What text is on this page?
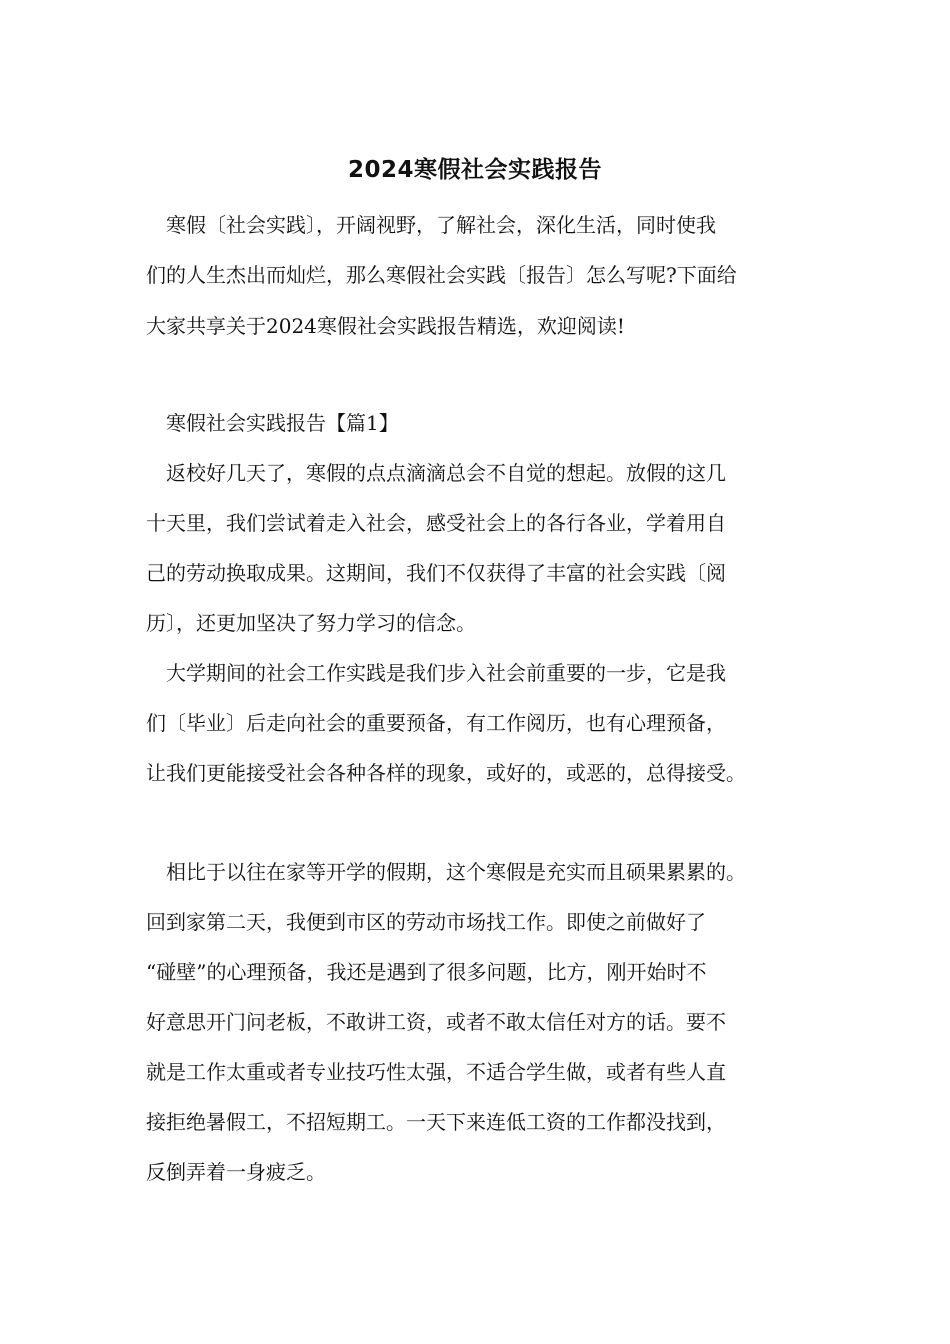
2024寒假社会实践报告

寒假〔社会实践〕，开阔视野，了解社会，深化生活，同时使我

们的人生杰出而灿烂，那么寒假社会实践〔报告〕怎么写呢?下面给

大家共享关于2024寒假社会实践报告精选，欢迎阅读!

寒假社会实践报告【篇1】

返校好几天了，寒假的点点滴滴总会不自觉的想起。放假的这几

十天里，我们尝试着走入社会，感受社会上的各行各业，学着用自

己的劳动换取成果。这期间，我们不仅获得了丰富的社会实践〔阅

历〕，还更加坚决了努力学习的信念。

大学期间的社会工作实践是我们步入社会前重要的一步，它是我

们〔毕业〕后走向社会的重要预备，有工作阅历，也有心理预备，

让我们更能接受社会各种各样的现象，或好的，或恶的，总得接受。

相比于以往在家等开学的假期，这个寒假是充实而且硕果累累的。

回到家第二天，我便到市区的劳动市场找工作。即使之前做好了

“碰壁”的心理预备，我还是遇到了很多问题，比方，刚开始时不

好意思开门问老板，不敢讲工资，或者不敢太信任对方的话。要不

就是工作太重或者专业技巧性太强，不适合学生做，或者有些人直

接拒绝暑假工，不招短期工。一天下来连低工资的工作都没找到，

反倒弄着一身疲乏。
